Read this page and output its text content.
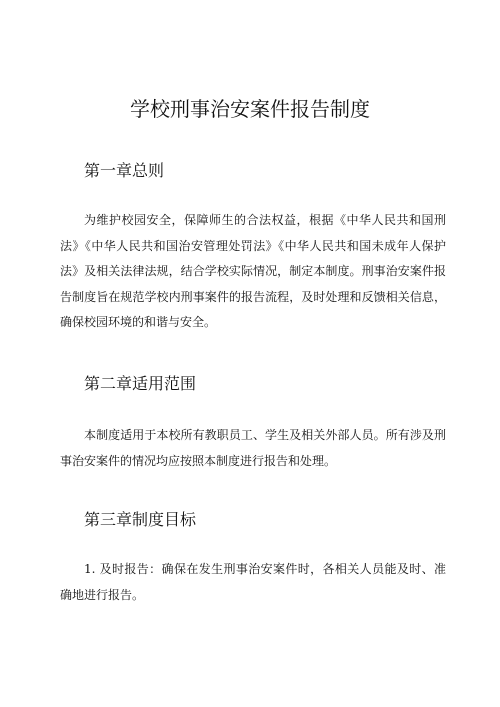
学校刑事治安案件报告制度
第一章总则

为维护校园安全，保障师生的合法权益，根据《中华人民共和国刑法》《中华人民共和国治安管理处罚法》《中华人民共和国未成年人保护法》及相关法律法规，结合学校实际情况，制定本制度。刑事治安案件报告制度旨在规范学校内刑事案件的报告流程，及时处理和反馈相关信息，确保校园环境的和谐与安全。

第二章适用范围

本制度适用于本校所有教职员工、学生及相关外部人员。所有涉及刑事治安案件的情况均应按照本制度进行报告和处理。

第三章制度目标

1. 及时报告：确保在发生刑事治安案件时，各相关人员能及时、准确地进行报告。
